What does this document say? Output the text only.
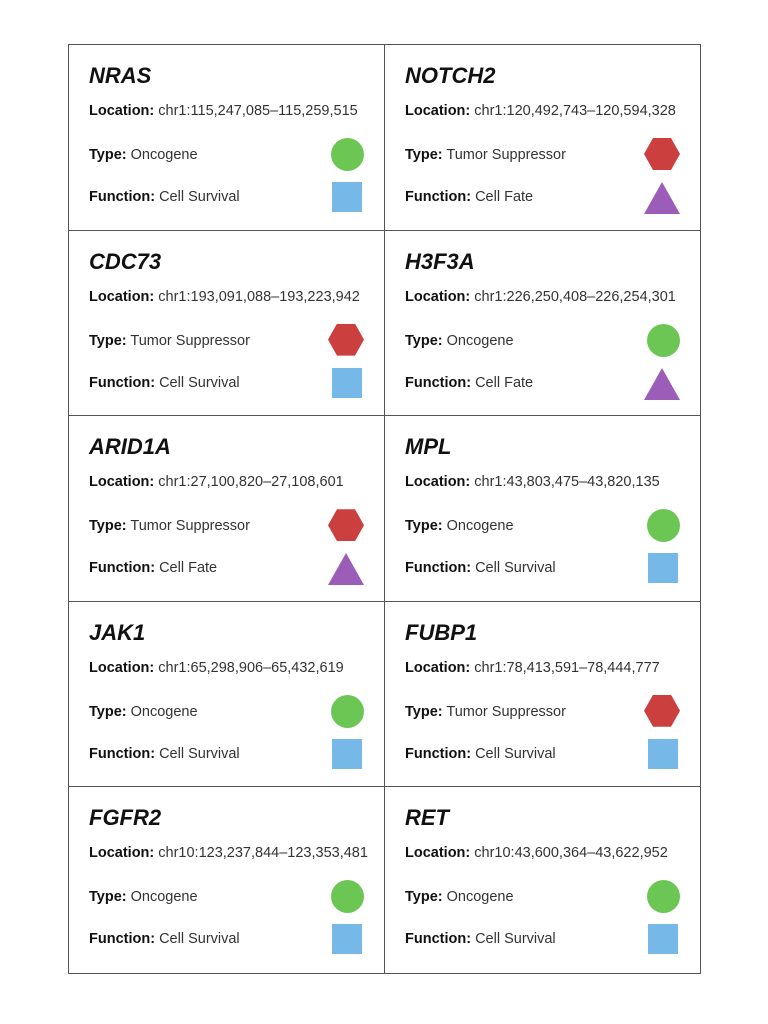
NRAS
Location: chr1:115,247,085–115,259,515
Type: Oncogene
Function: Cell Survival
NOTCH2
Location: chr1:120,492,743–120,594,328
Type: Tumor Suppressor
Function: Cell Fate
CDC73
Location: chr1:193,091,088–193,223,942
Type: Tumor Suppressor
Function: Cell Survival
H3F3A
Location: chr1:226,250,408–226,254,301
Type: Oncogene
Function: Cell Fate
ARID1A
Location: chr1:27,100,820–27,108,601
Type: Tumor Suppressor
Function: Cell Fate
MPL
Location: chr1:43,803,475–43,820,135
Type: Oncogene
Function: Cell Survival
JAK1
Location: chr1:65,298,906–65,432,619
Type: Oncogene
Function: Cell Survival
FUBP1
Location: chr1:78,413,591–78,444,777
Type: Tumor Suppressor
Function: Cell Survival
FGFR2
Location: chr10:123,237,844–123,353,481
Type: Oncogene
Function: Cell Survival
RET
Location: chr10:43,600,364–43,622,952
Type: Oncogene
Function: Cell Survival
